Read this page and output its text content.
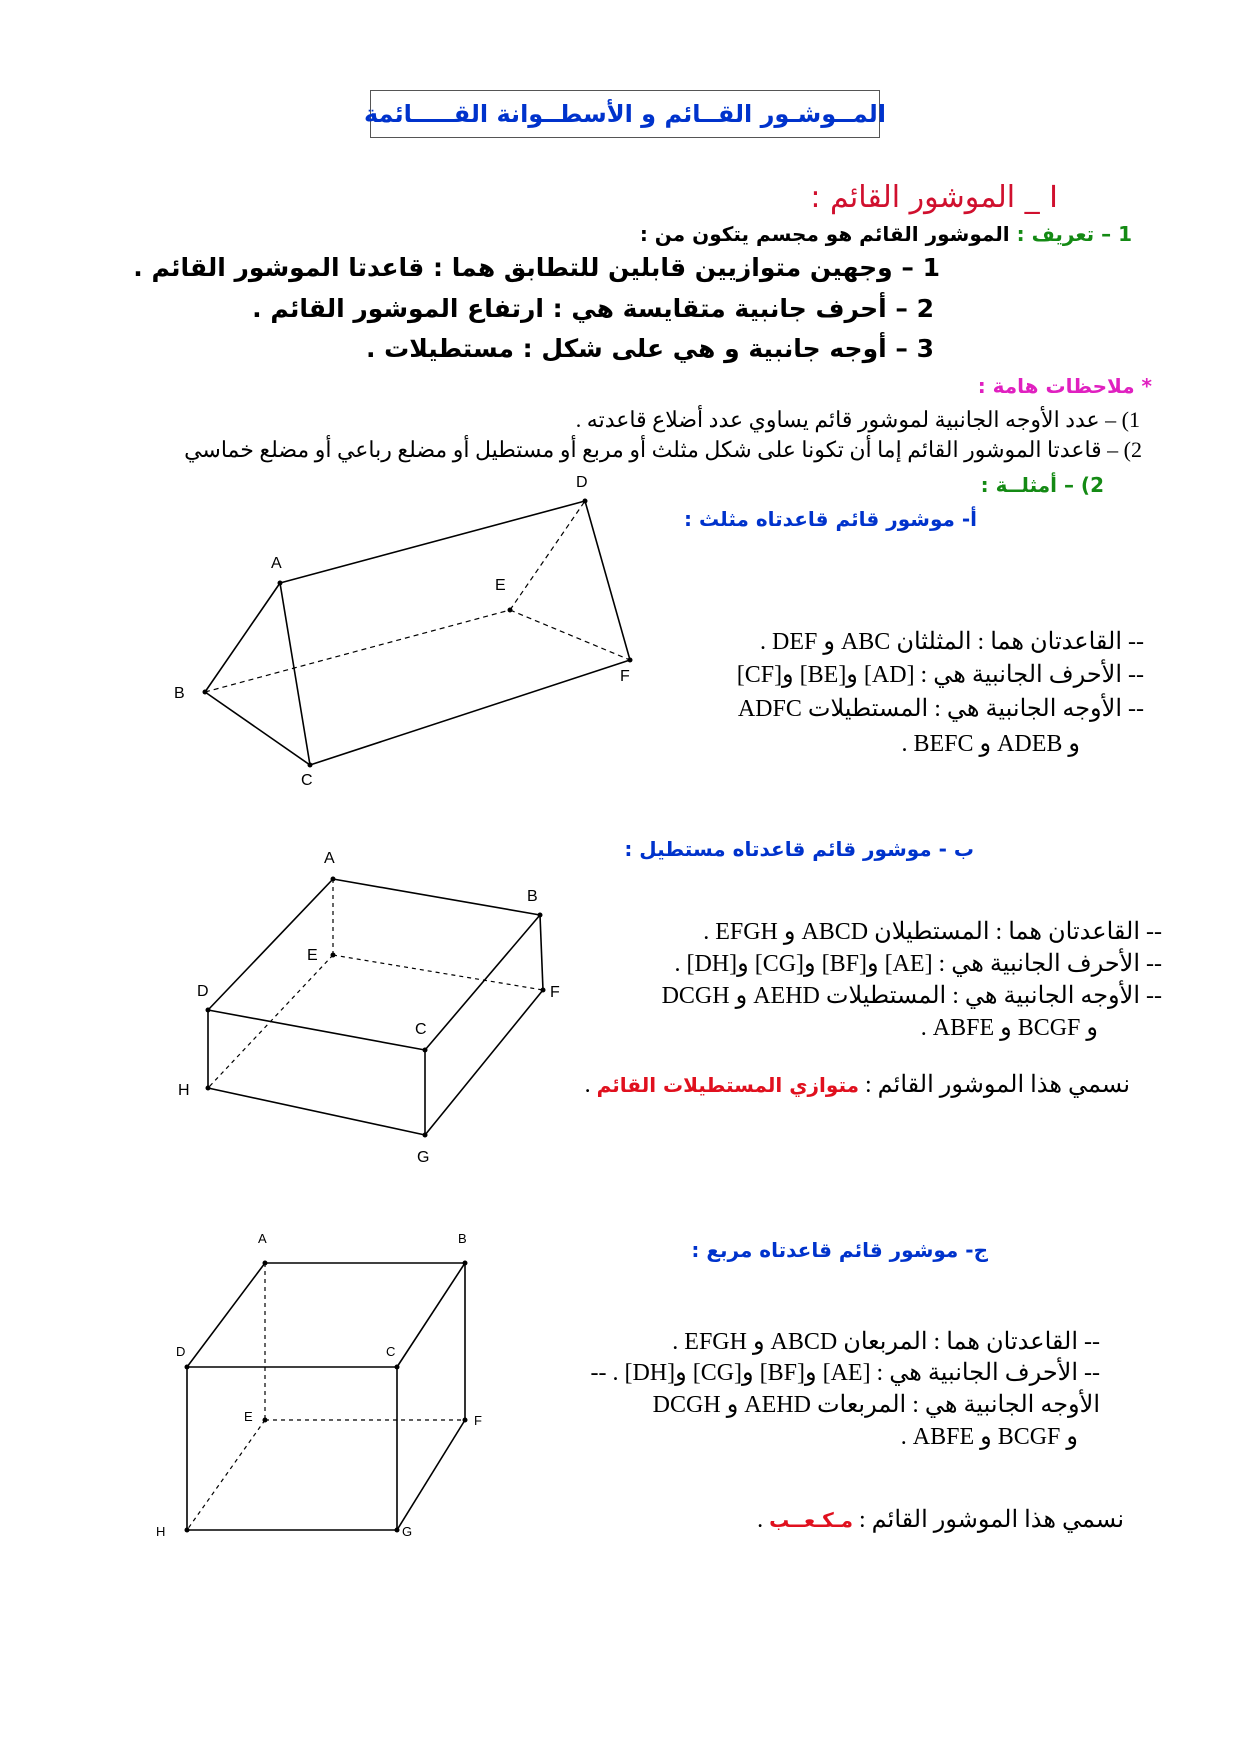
المــوشـور القــائم و الأسطــوانة القـــــائمة
I _ الموشور القائم :
1 – تعريف : الموشور القائم هو مجسم يتكون من :
1 – وجهين متوازيين قابلين للتطابق هما : قاعدتا الموشور القائم .
2 – أحرف جانبية متقايسة هي : ارتفاع الموشور القائم .
3 – أوجه جانبية و هي على شكل : مستطيلات .
* ملاحظات هامة :
1) – عدد الأوجه الجانبية لموشور قائم يساوي عدد أضلاع قاعدته .
2) – قاعدتا الموشور القائم إما أن تكونا على شكل مثلث أو مربع أو مستطيل أو مضلع رباعي أو مضلع خماسي
2) – أمثلــة :
أ- موشور قائم قاعدتاه مثلث :
A
B
C
D
E
F
-- القاعدتان هما : المثلثان ABC و DEF .
-- الأحرف الجانبية هي : [AD] و[BE] و[CF]
-- الأوجه الجانبية هي : المستطيلات ADFC
و ADEB و BEFC .
ب - موشور قائم قاعدتاه مستطيل :
A
B
C
D
E
F
G
H
-- القاعدتان هما : المستطيلان ABCD و EFGH .
-- الأحرف الجانبية هي : [AE] و[BF] و[CG] و[DH] .
-- الأوجه الجانبية هي : المستطيلات AEHD و DCGH
و BCGF و ABFE .
نسمي هذا الموشور القائم : متوازي المستطيلات القائم .
ج- موشور قائم قاعدتاه مربع :
A	B
C
D
E	F
G
H
-- القاعدتان هما : المربعان ABCD و EFGH .
-- الأحرف الجانبية هي : [AE] و[BF] و[CG] و[DH] . --
الأوجه الجانبية هي : المربعات AEHD و DCGH
و BCGF و ABFE .
نسمي هذا الموشور القائم : مـكـعــب .
